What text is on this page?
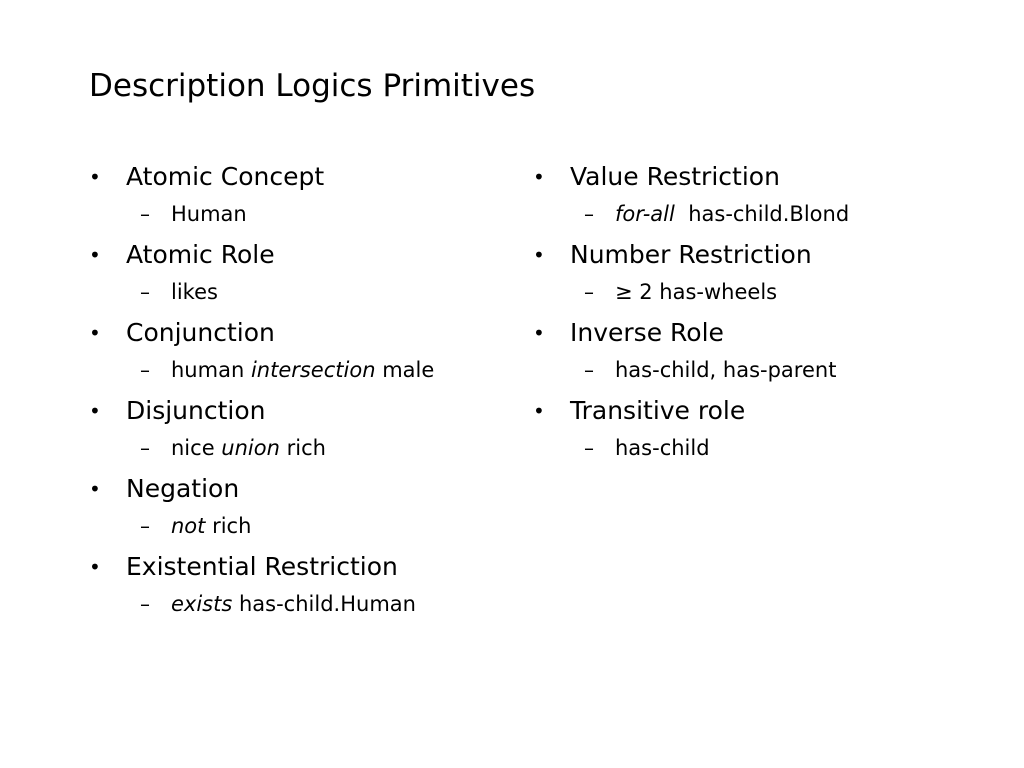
Description Logics Primitives
• Atomic Concept
– Human
• Atomic Role
– likes
• Conjunction
– human intersection male
• Disjunction
– nice union rich
• Negation
– not rich
• Existential Restriction
– exists has-child.Human
• Value Restriction
– for-all  has-child.Blond
• Number Restriction
– ≥ 2 has-wheels
• Inverse Role
– has-child, has-parent
• Transitive role
– has-child
